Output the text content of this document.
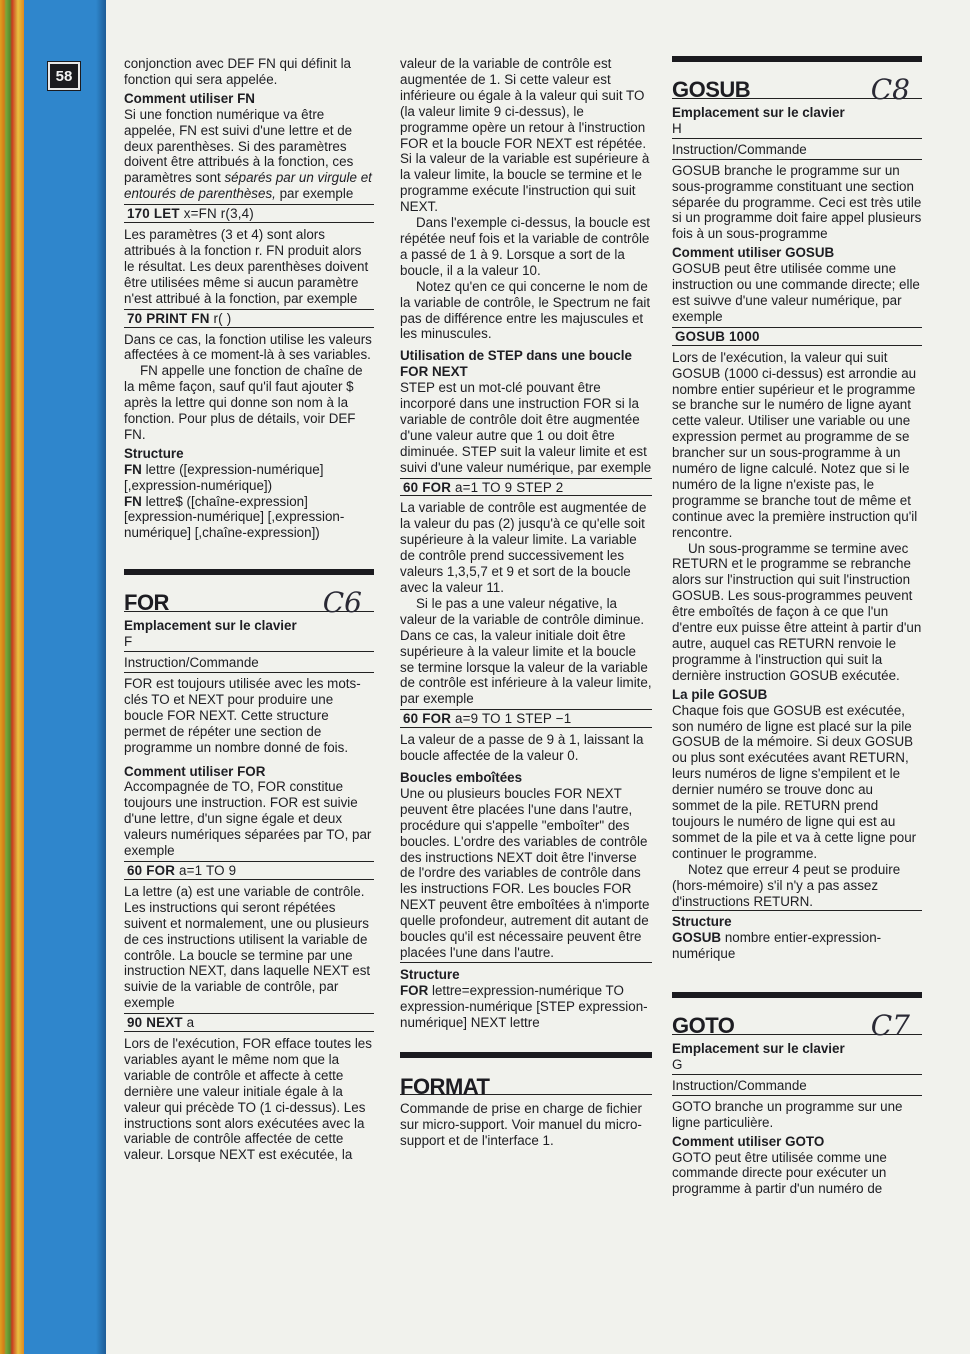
58

conjonction avec DEF FN qui définit la fonction qui sera appelée.

Comment utiliser FN

Si une fonction numérique va être appelée, FN est suivi d'une lettre et de deux parenthèses. Si des paramètres doivent être attribués à la fonction, ces paramètres sont séparés par un virgule et entourés de parenthèses, par exemple

170 LET x=FN r(3,4)

Les paramètres (3 et 4) sont alors attribués à la fonction r. FN produit alors le résultat. Les deux parenthèses doivent être utilisées même si aucun paramètre n'est attribué à la fonction, par exemple

70 PRINT FN r( )

Dans ce cas, la fonction utilise les valeurs affectées à ce moment-là à ses variables.

FN appelle une fonction de chaîne de la même façon, sauf qu'il faut ajouter $ après la lettre qui donne son nom à la fonction. Pour plus de détails, voir DEF FN.

Structure

FN lettre ([expression-numérique] [,expression-numérique])

FN lettre$ ([chaîne-expression] [expression-numérique] [,expression-numérique] [,chaîne-expression])

FOR	C6

Emplacement sur le clavier

F

Instruction/Commande

FOR est toujours utilisée avec les mots-clés TO et NEXT pour produire une boucle FOR NEXT. Cette structure permet de répéter une section de programme un nombre donné de fois.

Comment utiliser FOR

Accompagnée de TO, FOR constitue toujours une instruction. FOR est suivie d'une lettre, d'un signe égale et deux valeurs numériques séparées par TO, par exemple

60 FOR a=1 TO 9

La lettre (a) est une variable de contrôle. Les instructions qui seront répétées suivent et normalement, une ou plusieurs de ces instructions utilisent la variable de contrôle. La boucle se termine par une instruction NEXT, dans laquelle NEXT est suivie de la variable de contrôle, par exemple

90 NEXT a

Lors de l'exécution, FOR efface toutes les variables ayant le même nom que la variable de contrôle et affecte à cette dernière une valeur initiale égale à la valeur qui précède TO (1 ci-dessus). Les instructions sont alors exécutées avec la variable de contrôle affectée de cette valeur. Lorsque NEXT est exécutée, la

valeur de la variable de contrôle est augmentée de 1. Si cette valeur est inférieure ou égale à la valeur qui suit TO (la valeur limite 9 ci-dessus), le programme opère un retour à l'instruction FOR et la boucle FOR NEXT est répétée. Si la valeur de la variable est supérieure à la valeur limite, la boucle se termine et le programme exécute l'instruction qui suit NEXT.

Dans l'exemple ci-dessus, la boucle est répétée neuf fois et la variable de contrôle a passé de 1 à 9. Lorsque a sort de la boucle, il a la valeur 10.

Notez qu'en ce qui concerne le nom de la variable de contrôle, le Spectrum ne fait pas de différence entre les majuscules et les minuscules.

Utilisation de STEP dans une boucle FOR NEXT

STEP est un mot-clé pouvant être incorporé dans une instruction FOR si la variable de contrôle doit être augmentée d'une valeur autre que 1 ou doit être diminuée. STEP suit la valeur limite et est suivi d'une valeur numérique, par exemple

60 FOR a=1 TO 9 STEP 2

La variable de contrôle est augmentée de la valeur du pas (2) jusqu'à ce qu'elle soit supérieure à la valeur limite. La variable de contrôle prend successivement les valeurs 1,3,5,7 et 9 et sort de la boucle avec la valeur 11.

Si le pas a une valeur négative, la valeur de la variable de contrôle diminue. Dans ce cas, la valeur initiale doit être supérieure à la valeur limite et la boucle se termine lorsque la valeur de la variable de contrôle est inférieure à la valeur limite, par exemple

60 FOR a=9 TO 1 STEP −1

La valeur de a passe de 9 à 1, laissant la boucle affectée de la valeur 0.

Boucles emboîtées

Une ou plusieurs boucles FOR NEXT peuvent être placées l'une dans l'autre, procédure qui s'appelle "emboîter" des boucles. L'ordre des variables de contrôle des instructions NEXT doit être l'inverse de l'ordre des variables de contrôle dans les instructions FOR. Les boucles FOR NEXT peuvent être emboîtées à n'importe quelle profondeur, autrement dit autant de boucles qu'il est nécessaire peuvent être placées l'une dans l'autre.

Structure

FOR lettre=expression-numérique TO expression-numérique [STEP expression-numérique] NEXT lettre

FORMAT

Commande de prise en charge de fichier sur micro-support. Voir manuel du micro-support et de l'interface 1.

GOSUB	C8

Emplacement sur le clavier

H

Instruction/Commande

GOSUB branche le programme sur un sous-programme constituant une section séparée du programme. Ceci est très utile si un programme doit faire appel plusieurs fois à un sous-programme

Comment utiliser GOSUB

GOSUB peut être utilisée comme une instruction ou une commande directe; elle est suivve d'une valeur numérique, par exemple

GOSUB 1000

Lors de l'exécution, la valeur qui suit GOSUB (1000 ci-dessus) est arrondie au nombre entier supérieur et le programme se branche sur le numéro de ligne ayant cette valeur. Utiliser une variable ou une expression permet au programme de se brancher sur un sous-programme à un numéro de ligne calculé. Notez que si le numéro de la ligne n'existe pas, le programme se branche tout de même et continue avec la première instruction qu'il rencontre.

Un sous-programme se termine avec RETURN et le programme se rebranche alors sur l'instruction qui suit l'instruction GOSUB. Les sous-programmes peuvent être emboîtés de façon à ce que l'un d'entre eux puisse être atteint à partir d'un autre, auquel cas RETURN renvoie le programme à l'instruction qui suit la dernière instruction GOSUB exécutée.

La pile GOSUB

Chaque fois que GOSUB est exécutée, son numéro de ligne est placé sur la pile GOSUB de la mémoire. Si deux GOSUB ou plus sont exécutées avant RETURN, leurs numéros de ligne s'empilent et le dernier numéro se trouve donc au sommet de la pile. RETURN prend toujours le numéro de ligne qui est au sommet de la pile et va à cette ligne pour continuer le programme.

Notez que erreur 4 peut se produire (hors-mémoire) s'il n'y a pas assez d'instructions RETURN.

Structure

GOSUB nombre entier-expression-numérique

GOTO	C7

Emplacement sur le clavier

G

Instruction/Commande

GOTO branche un programme sur une ligne particulière.

Comment utiliser GOTO

GOTO peut être utilisée comme une commande directe pour exécuter un programme à partir d'un numéro de
